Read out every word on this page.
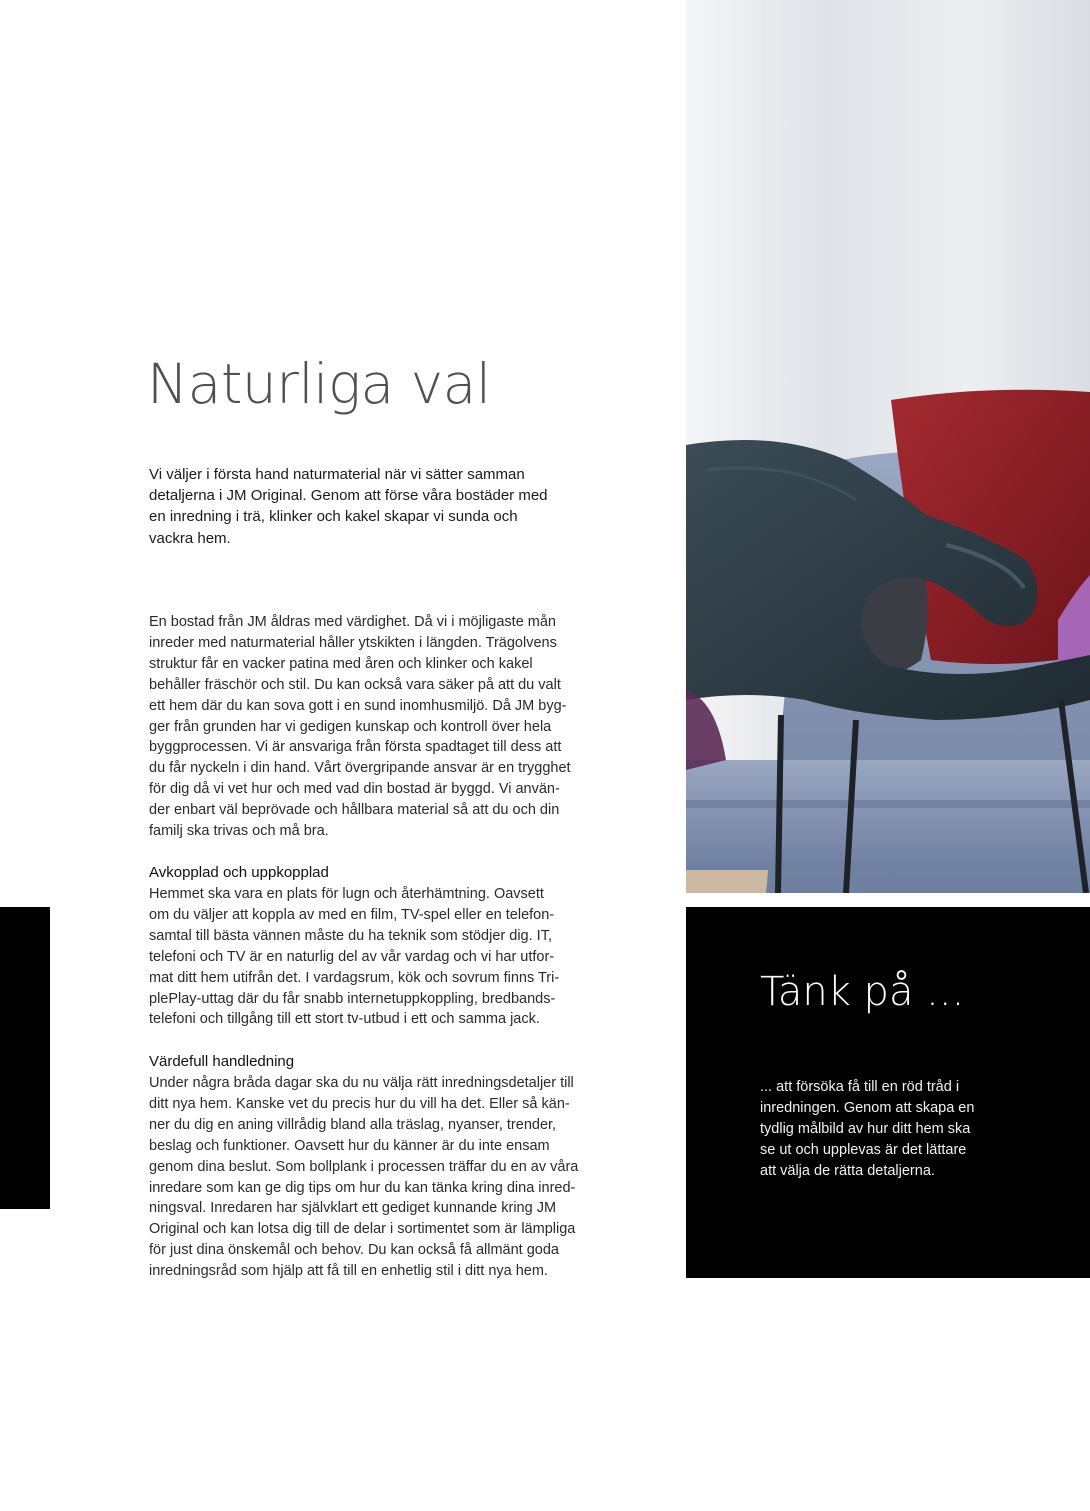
Naturliga val

Vi väljer i första hand naturmaterial när vi sätter samman
detaljerna i JM Original. Genom att förse våra bostäder med
en inredning i trä, klinker och kakel skapar vi sunda och
vackra hem.

En bostad från JM åldras med värdighet. Då vi i möjligaste mån
inreder med naturmaterial håller ytskikten i längden. Trägolvens
struktur får en vacker patina med åren och klinker och kakel
behåller fräschör och stil. Du kan också vara säker på att du valt
ett hem där du kan sova gott i en sund inomhusmiljö. Då JM byg-
ger från grunden har vi gedigen kunskap och kontroll över hela
byggprocessen. Vi är ansvariga från första spadtaget till dess att
du får nyckeln i din hand. Vårt övergripande ansvar är en trygghet
för dig då vi vet hur och med vad din bostad är byggd. Vi använ-
der enbart väl beprövade och hållbara material så att du och din
familj ska trivas och må bra.

Avkopplad och uppkopplad

Hemmet ska vara en plats för lugn och återhämtning. Oavsett
om du väljer att koppla av med en film, TV-spel eller en telefon-
samtal till bästa vännen måste du ha teknik som stödjer dig. IT,
telefoni och TV är en naturlig del av vår vardag och vi har utfor-
mat ditt hem utifrån det. I vardagsrum, kök och sovrum finns Tri-
plePlay-uttag där du får snabb internetuppkoppling, bredbands-
telefoni och tillgång till ett stort tv-utbud i ett och samma jack.

Värdefull handledning

Under några bråda dagar ska du nu välja rätt inredningsdetaljer till
ditt nya hem. Kanske vet du precis hur du vill ha det. Eller så kän-
ner du dig en aning villrådig bland alla träslag, nyanser, trender,
beslag och funktioner. Oavsett hur du känner är du inte ensam
genom dina beslut. Som bollplank i processen träffar du en av våra
inredare som kan ge dig tips om hur du kan tänka kring dina inred-
ningsval. Inredaren har självklart ett gediget kunnande kring JM
Original och kan lotsa dig till de delar i sortimentet som är lämpliga
för just dina önskemål och behov. Du kan också få allmänt goda
inredningsråd som hjälp att få till en enhetlig stil i ditt nya hem.

Tänk på ...

... att försöka få till en röd tråd i
inredningen. Genom att skapa en
tydlig målbild av hur ditt hem ska
se ut och upplevas är det lättare
att välja de rätta detaljerna.
